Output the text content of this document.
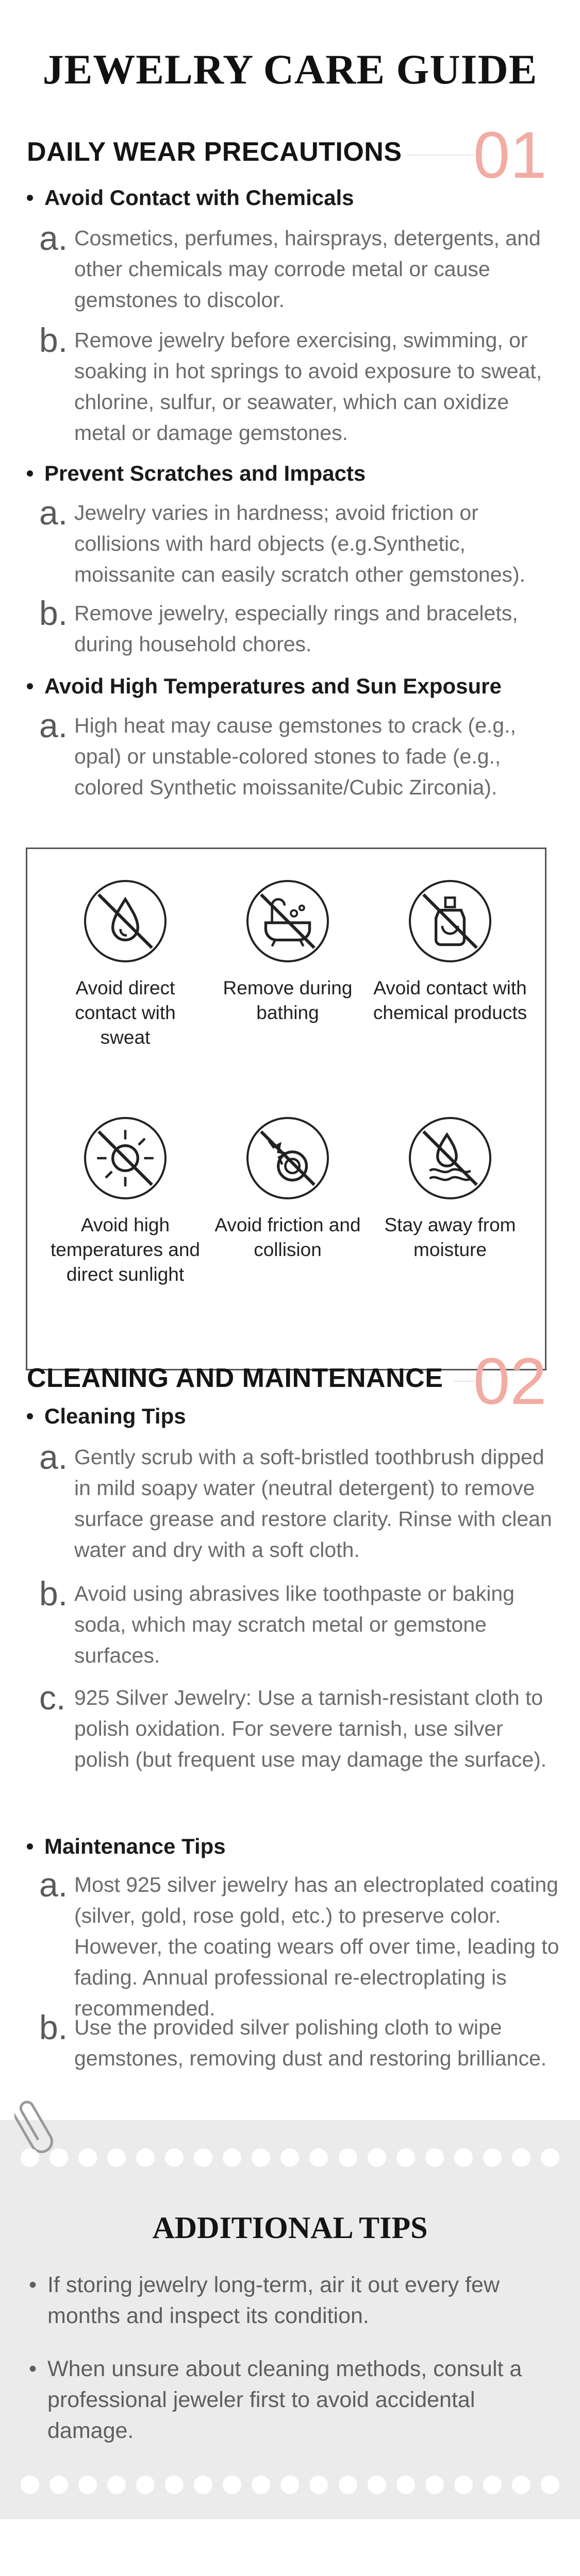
JEWELRY CARE GUIDE
DAILY WEAR PRECAUTIONS 01
Avoid Contact with Chemicals
a. Cosmetics, perfumes, hairsprays, detergents, and other chemicals may corrode metal or cause gemstones to discolor.
b. Remove jewelry before exercising, swimming, or soaking in hot springs to avoid exposure to sweat, chlorine, sulfur, or seawater, which can oxidize metal or damage gemstones.
Prevent Scratches and Impacts
a. Jewelry varies in hardness; avoid friction or collisions with hard objects (e.g.Synthetic, moissanite can easily scratch other gemstones).
b. Remove jewelry, especially rings and bracelets, during household chores.
Avoid High Temperatures and Sun Exposure
a. High heat may cause gemstones to crack (e.g., opal) or unstable-colored stones to fade (e.g., colored Synthetic moissanite/Cubic Zirconia).
Avoid direct contact with sweat
Remove during bathing
Avoid contact with chemical products
Avoid high temperatures and direct sunlight
Avoid friction and collision
Stay away from moisture
CLEANING AND MAINTENANCE 02
Cleaning Tips
a. Gently scrub with a soft-bristled toothbrush dipped in mild soapy water (neutral detergent) to remove surface grease and restore clarity. Rinse with clean water and dry with a soft cloth.
b. Avoid using abrasives like toothpaste or baking soda, which may scratch metal or gemstone surfaces.
c. 925 Silver Jewelry: Use a tarnish-resistant cloth to polish oxidation. For severe tarnish, use silver polish (but frequent use may damage the surface).
Maintenance Tips
a. Most 925 silver jewelry has an electroplated coating (silver, gold, rose gold, etc.) to preserve color. However, the coating wears off over time, leading to fading. Annual professional re-electroplating is recommended.
b. Use the provided silver polishing cloth to wipe gemstones, removing dust and restoring brilliance.
ADDITIONAL TIPS
• If storing jewelry long-term, air it out every few months and inspect its condition.
• When unsure about cleaning methods, consult a professional jeweler first to avoid accidental damage.
